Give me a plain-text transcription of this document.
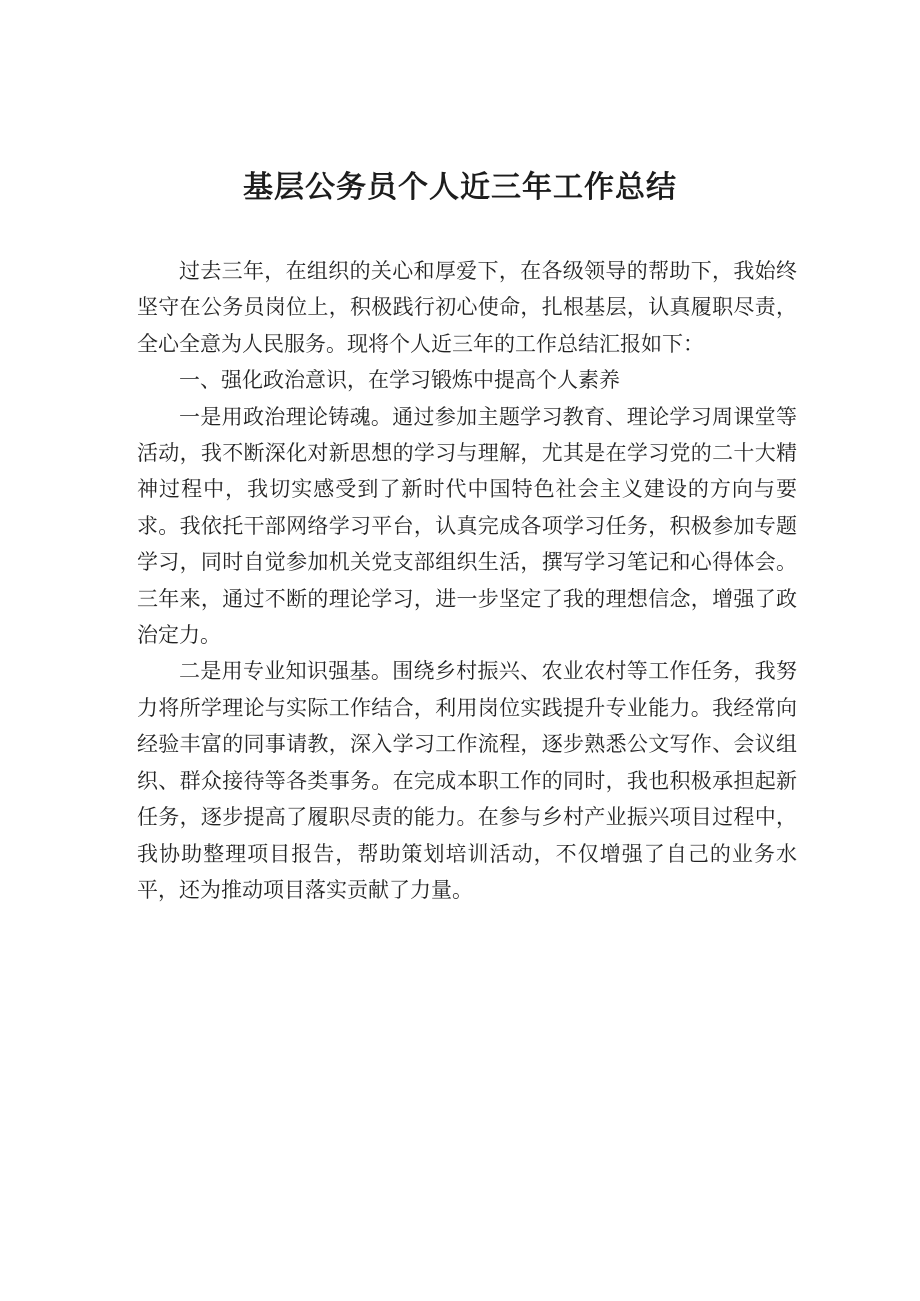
基层公务员个人近三年工作总结

过去三年，在组织的关心和厚爱下，在各级领导的帮助下，我始终坚守在公务员岗位上，积极践行初心使命，扎根基层，认真履职尽责，全心全意为人民服务。现将个人近三年的工作总结汇报如下：

一、强化政治意识，在学习锻炼中提高个人素养

一是用政治理论铸魂。通过参加主题学习教育、理论学习周课堂等活动，我不断深化对新思想的学习与理解，尤其是在学习党的二十大精神过程中，我切实感受到了新时代中国特色社会主义建设的方向与要求。我依托干部网络学习平台，认真完成各项学习任务，积极参加专题学习，同时自觉参加机关党支部组织生活，撰写学习笔记和心得体会。三年来，通过不断的理论学习，进一步坚定了我的理想信念，增强了政治定力。

二是用专业知识强基。围绕乡村振兴、农业农村等工作任务，我努力将所学理论与实际工作结合，利用岗位实践提升专业能力。我经常向经验丰富的同事请教，深入学习工作流程，逐步熟悉公文写作、会议组织、群众接待等各类事务。在完成本职工作的同时，我也积极承担起新任务，逐步提高了履职尽责的能力。在参与乡村产业振兴项目过程中，我协助整理项目报告，帮助策划培训活动，不仅增强了自己的业务水平，还为推动项目落实贡献了力量。
